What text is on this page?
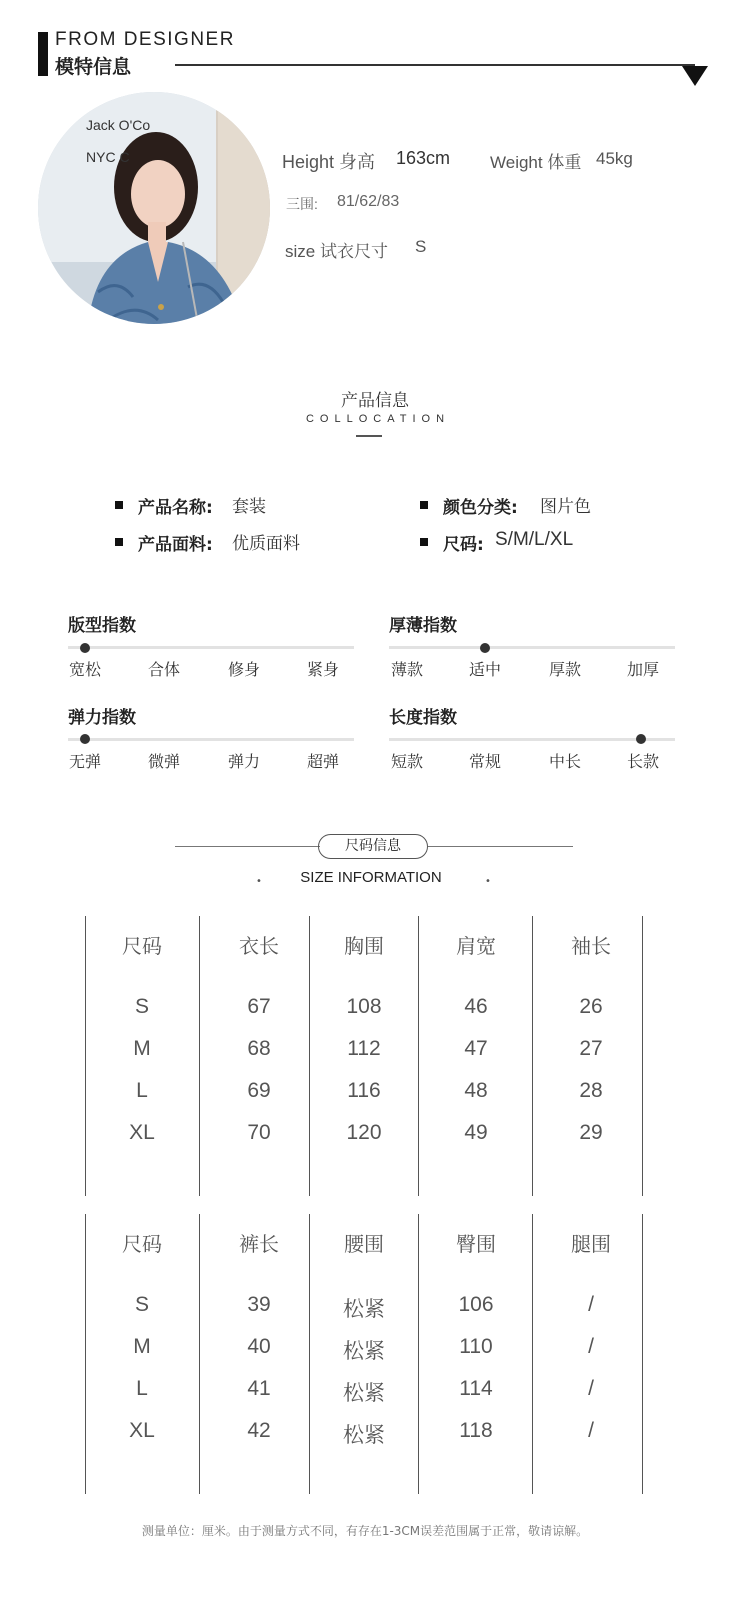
FROM DESIGNER
模特信息
Jack O'Co
NYC C	Height 身高 163cm Weight 体重 45kg
三围: 81/62/83
size 试衣尺寸 S
产品信息
COLLOCATION
产品名称: 套装	颜色分类: 图片色
产品面料: 优质面料	尺码: S/M/L/XL
版型指数
宽松	合体	修身	紧身
厚薄指数
薄款	适中	厚款	加厚
弹力指数
无弹	微弹	弹力	超弹
长度指数
短款	常规	中长	长款
尺码信息
•	•
SIZE INFORMATION
尺码	衣长	胸围	肩宽	袖长
S	67	108	46	26
M	68	112	47	27
L	69	116	48	28
XL	70	120	49	29
尺码	裤长	腰围	臀围	腿围
S	39	松紧	106	/
M	40	松紧	110	/
L	41	松紧	114	/
XL	42	松紧	118	/
测量单位：厘米。由于测量方式不同，有存在1-3CM误差范围属于正常，敬请谅解。
